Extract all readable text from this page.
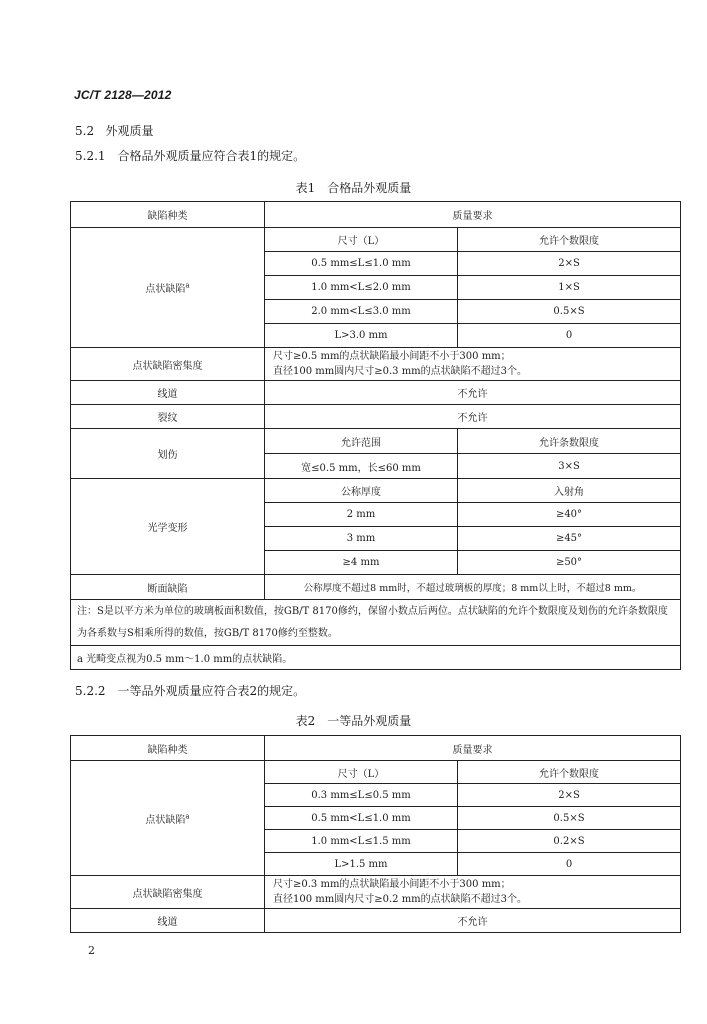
JC/T 2128—2012
5.2 外观质量
5.2.1　合格品外观质量应符合表1的规定。
表1　合格品外观质量
缺陷种类	质量要求	
点状缺陷$^a$	尺寸（L）	允许个数限度
	0.5 mm≤L≤1.0 mm	2×S
	1.0 mm<L≤2.0 mm	1×S
	2.0 mm<L≤3.0 mm	0.5×S
	L>3.0 mm	0
点状缺陷密集度	尺寸≥0.5 mm的点状缺陷最小间距不小于300 mm；
直径100 mm圆内尺寸≥0.3 mm的点状缺陷不超过3个。	

线道	不允许	
裂纹	不允许	
划伤	允许范围	允许条数限度
	宽≤0.5 mm，长≤60 mm	3×S
光学变形	公称厚度	入射角
	2 mm	≥40°
	3 mm	≥45°
	≥4 mm	≥50°
断面缺陷	公称厚度不超过8 mm时，不超过玻璃板的厚度；8 mm以上时，不超过8 mm。	
注：S是以平方米为单位的玻璃板面积数值，按GB/T 8170修约，保留小数点后两位。点状缺陷的允许个数限度及划伤的允许条数限度为各系数与S相乘所得的数值，按GB/T 8170修约至整数。		
a 光畸变点视为0.5 mm～1.0 mm的点状缺陷。		
5.2.2　一等品外观质量应符合表2的规定。
表2　一等品外观质量
缺陷种类	质量要求	
点状缺陷$^a$	尺寸（L）	允许个数限度
	0.3 mm≤L≤0.5 mm	2×S
	0.5 mm<L≤1.0 mm	0.5×S
	1.0 mm<L≤1.5 mm	0.2×S
	L>1.5 mm	0
点状缺陷密集度	尺寸≥0.3 mm的点状缺陷最小间距不小于300 mm；
直径100 mm圆内尺寸≥0.2 mm的点状缺陷不超过3个。	

线道	不允许	
2
